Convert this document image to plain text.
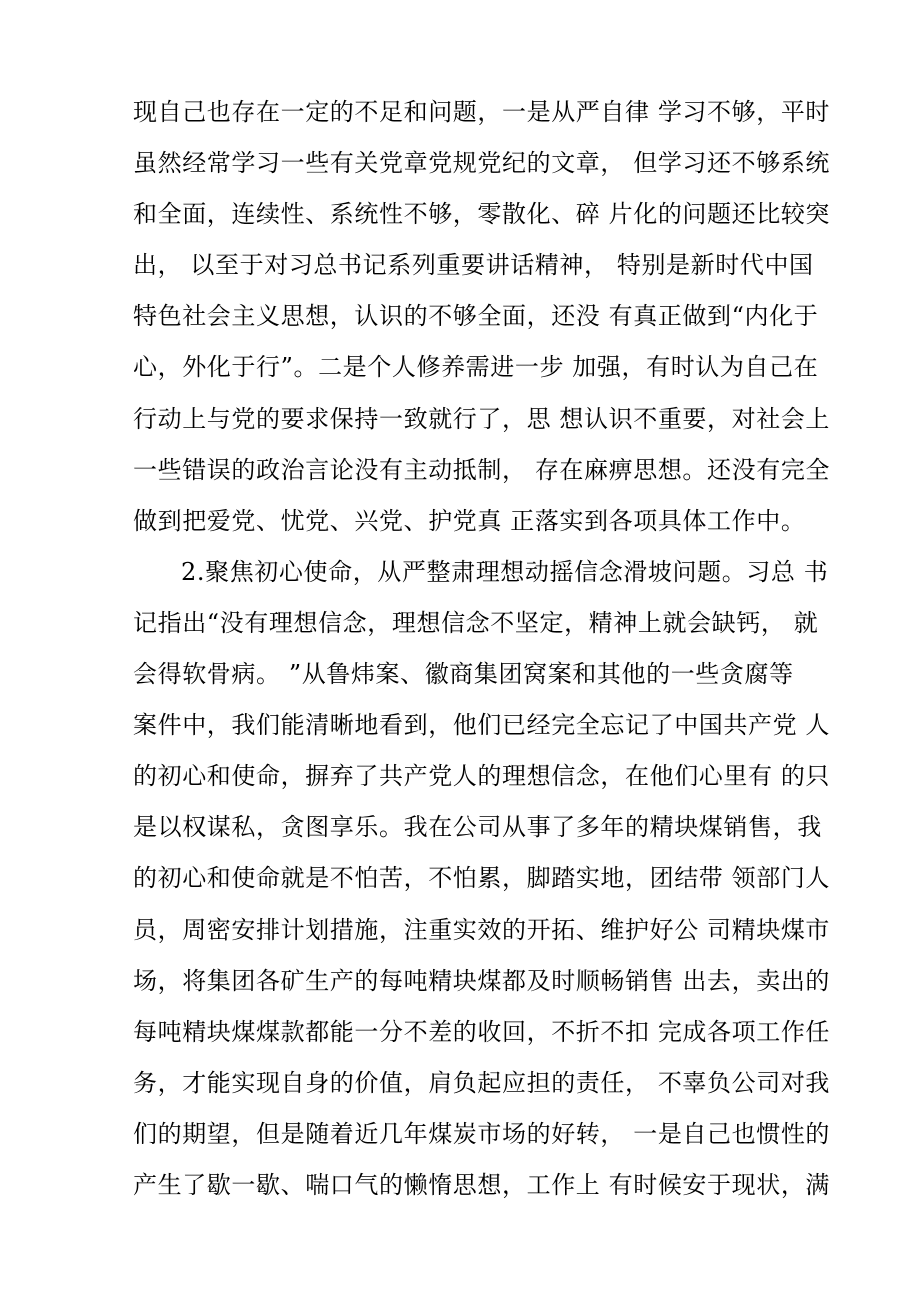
现自己也存在一定的不足和问题，一是从严自律 学习不够，平时
虽然经常学习一些有关党章党规党纪的文章， 但学习还不够系统
和全面，连续性、系统性不够，零散化、碎 片化的问题还比较突
出， 以至于对习总书记系列重要讲话精神， 特别是新时代中国
特色社会主义思想，认识的不够全面，还没 有真正做到“内化于
心，外化于行”。二是个人修养需进一步 加强，有时认为自己在
行动上与党的要求保持一致就行了，思 想认识不重要，对社会上
一些错误的政治言论没有主动抵制， 存在麻痹思想。还没有完全
做到把爱党、忧党、兴党、护党真 正落实到各项具体工作中。
2.聚焦初心使命，从严整肃理想动摇信念滑坡问题。习总 书
记指出“没有理想信念，理想信念不坚定，精神上就会缺钙， 就
会得软骨病。 ”从鲁炜案、徽商集团窝案和其他的一些贪腐等
案件中，我们能清晰地看到，他们已经完全忘记了中国共产党 人
的初心和使命，摒弃了共产党人的理想信念，在他们心里有 的只
是以权谋私，贪图享乐。我在公司从事了多年的精块煤销售，我
的初心和使命就是不怕苦，不怕累，脚踏实地，团结带 领部门人
员，周密安排计划措施，注重实效的开拓、维护好公 司精块煤市
场，将集团各矿生产的每吨精块煤都及时顺畅销售 出去，卖出的
每吨精块煤煤款都能一分不差的收回，不折不扣 完成各项工作任
务，才能实现自身的价值，肩负起应担的责任， 不辜负公司对我
们的期望，但是随着近几年煤炭市场的好转， 一是自己也惯性的
产生了歇一歇、喘口气的懒惰思想，工作上 有时候安于现状，满
